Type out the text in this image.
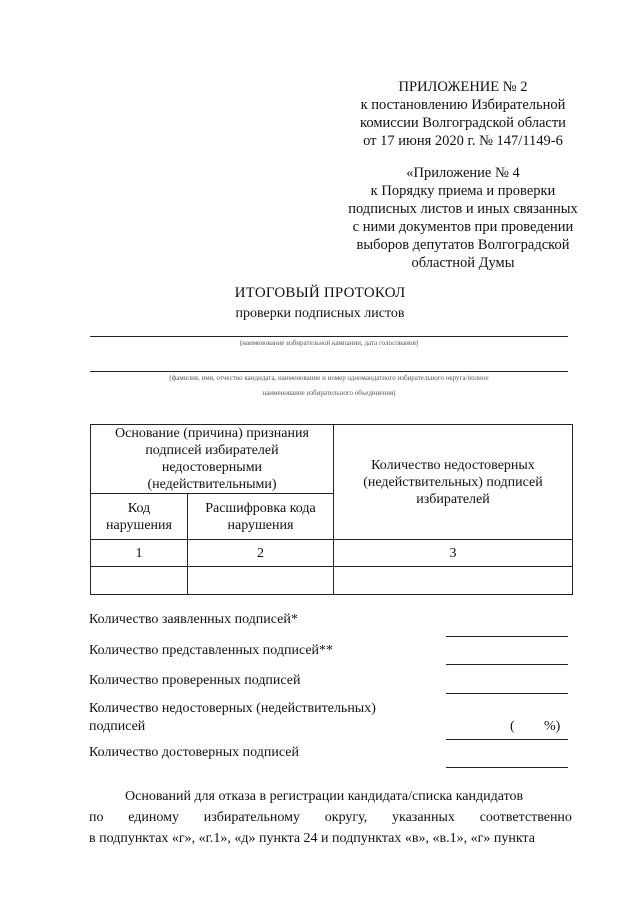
ПРИЛОЖЕНИЕ № 2
к постановлению Избирательной
комиссии Волгоградской области
от 17 июня 2020 г. № 147/1149-6
«Приложение № 4
к Порядку приема и проверки
подписных листов и иных связанных
с ними документов при проведении
выборов депутатов Волгоградской
областной Думы
ИТОГОВЫЙ ПРОТОКОЛ
проверки подписных листов
(наименование избирательной кампании, дата голосования)
(фамилия, имя, отчество кандидата, наименование и номер одномандатного избирательного округа/полное
наименование избирательного объединения)
Основание (причина) признания подписей избирателей недостоверными (недействительными)		Количество недостоверных (недействительных) подписей избирателей
Код нарушения	Расшифровка кода нарушения	
1	2	3

Количество заявленных подписей*
Количество представленных подписей**
Количество проверенных подписей
Количество недостоверных (недействительных)
подписей	( %)
Количество достоверных подписей
Оснований для отказа в регистрации кандидата/списка кандидатов
по единому избирательному округу, указанных соответственно
в подпунктах «г», «г.1», «д» пункта 24 и подпунктах «в», «в.1», «г» пункта
